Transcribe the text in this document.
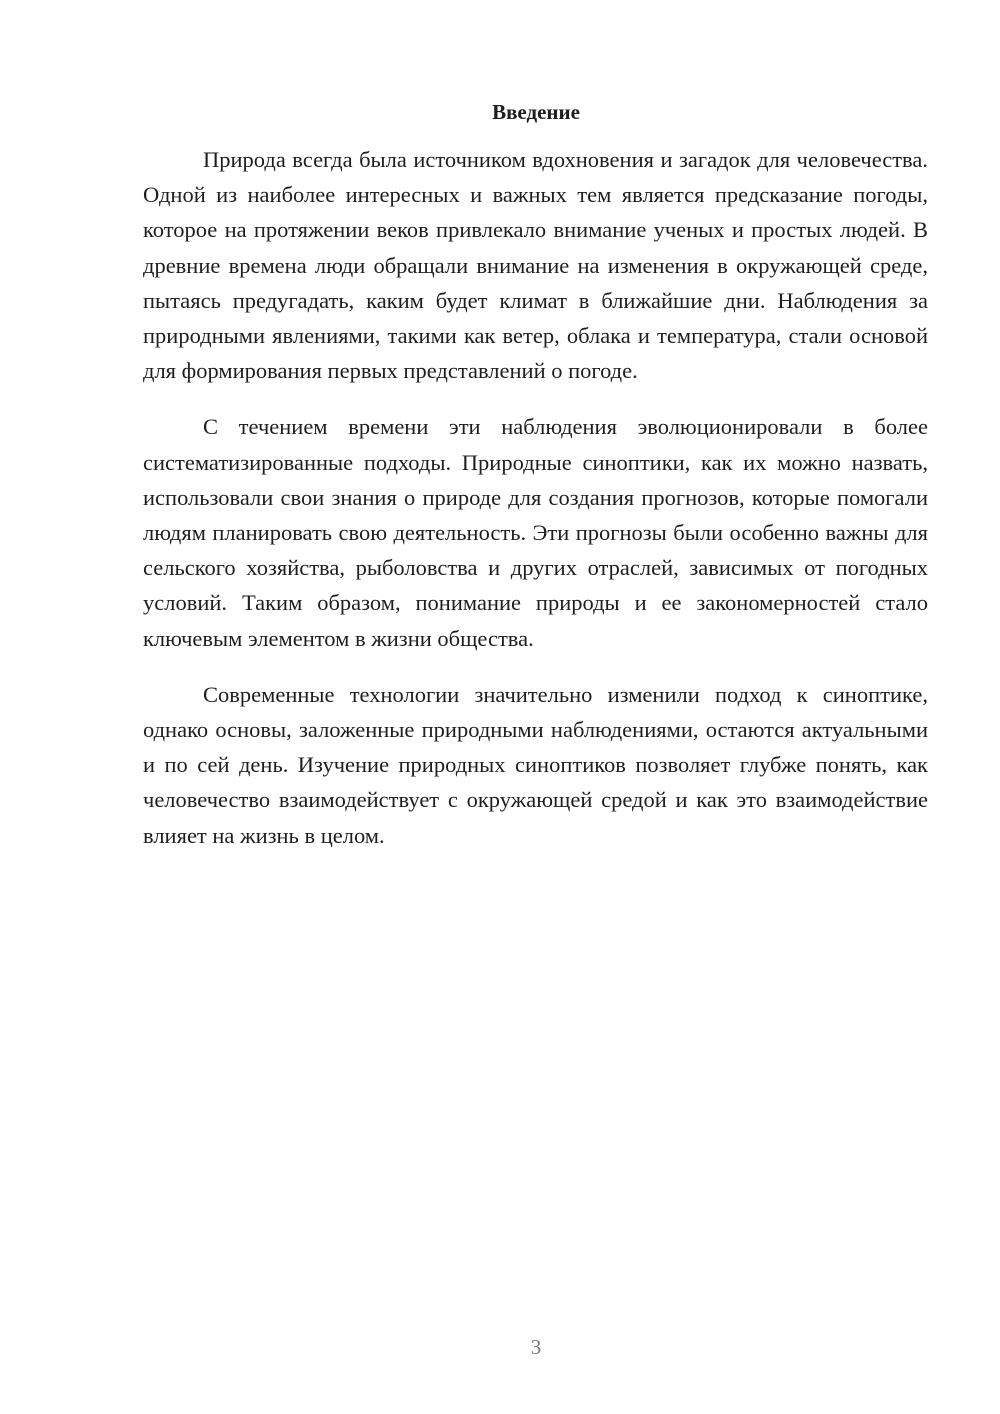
Введение

Природа всегда была источником вдохновения и загадок для человечества. Одной из наиболее интересных и важных тем является предсказание погоды, которое на протяжении веков привлекало внимание ученых и простых людей. В древние времена люди обращали внимание на изменения в окружающей среде, пытаясь предугадать, каким будет климат в ближайшие дни. Наблюдения за природными явлениями, такими как ветер, облака и температура, стали основой для формирования первых представлений о погоде.

С течением времени эти наблюдения эволюционировали в более систематизированные подходы. Природные синоптики, как их можно назвать, использовали свои знания о природе для создания прогнозов, которые помогали людям планировать свою деятельность. Эти прогнозы были особенно важны для сельского хозяйства, рыболовства и других отраслей, зависимых от погодных условий. Таким образом, понимание природы и ее закономерностей стало ключевым элементом в жизни общества.

Современные технологии значительно изменили подход к синоптике, однако основы, заложенные природными наблюдениями, остаются актуальными и по сей день. Изучение природных синоптиков позволяет глубже понять, как человечество взаимодействует с окружающей средой и как это взаимодействие влияет на жизнь в целом.

3
